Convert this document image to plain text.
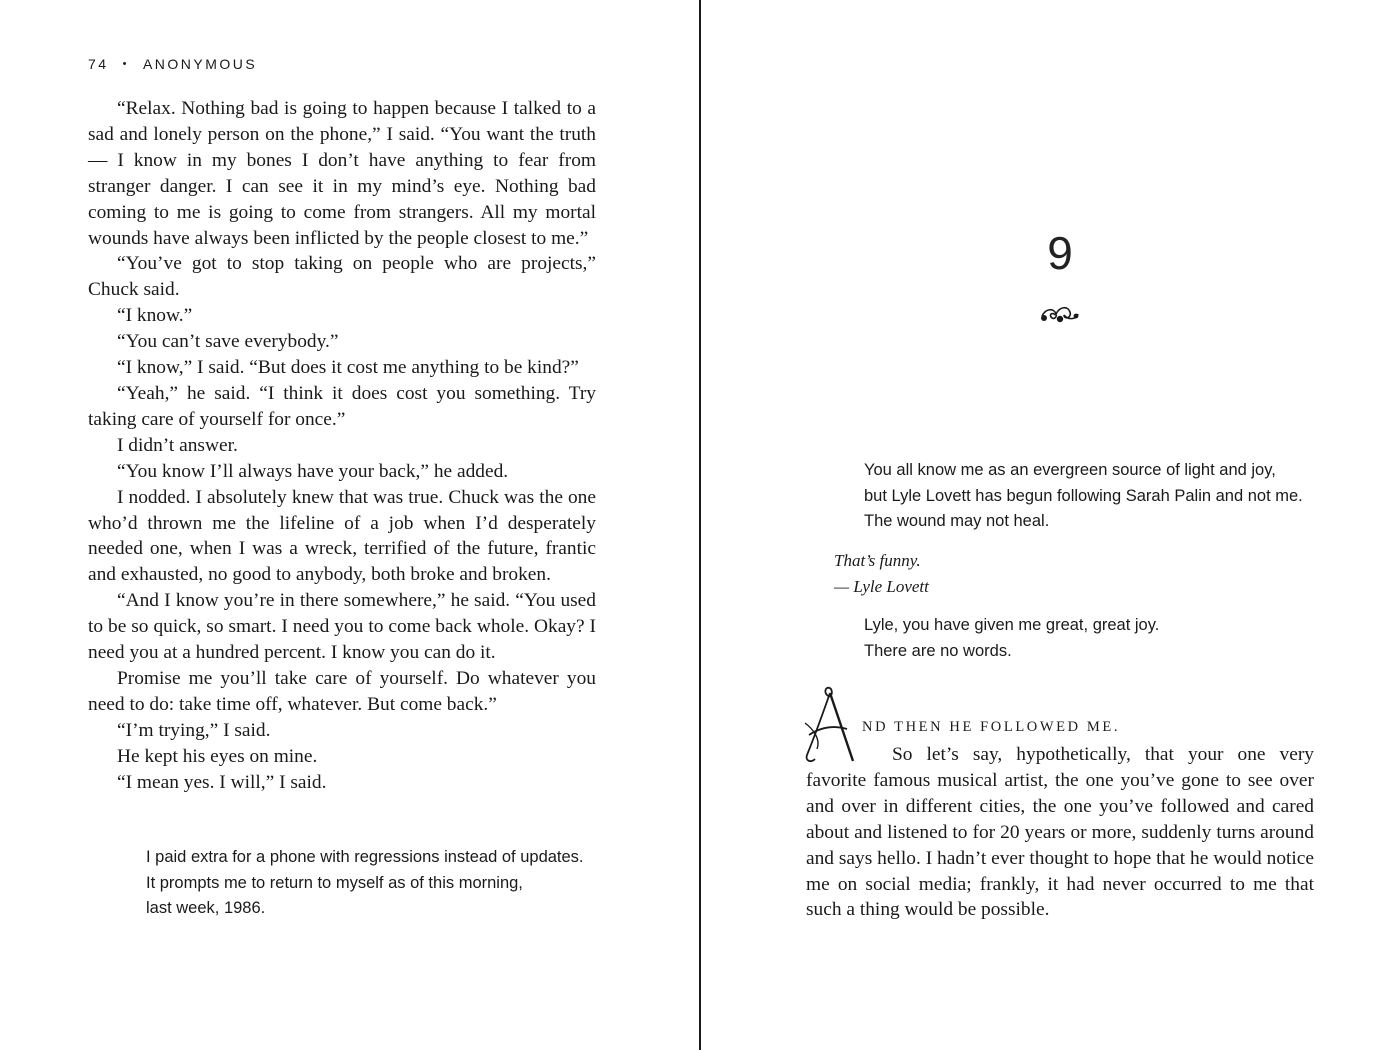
74 • ANONYMOUS

“Relax. Nothing bad is going to happen because I talked to a sad and lonely person on the phone,” I said. “You want the truth — I know in my bones I don’t have anything to fear from stranger danger. I can see it in my mind’s eye. Nothing bad coming to me is going to come from strangers. All my mortal wounds have always been inflicted by the people closest to me.”

“You’ve got to stop taking on people who are projects,” Chuck said.

“I know.”

“You can’t save everybody.”

“I know,” I said. “But does it cost me anything to be kind?”

“Yeah,” he said. “I think it does cost you something. Try taking care of yourself for once.”

I didn’t answer.

“You know I’ll always have your back,” he added.

I nodded. I absolutely knew that was true. Chuck was the one who’d thrown me the lifeline of a job when I’d desperately needed one, when I was a wreck, terrified of the future, frantic and exhausted, no good to anybody, both broke and broken.

“And I know you’re in there somewhere,” he said. “You used to be so quick, so smart. I need you to come back whole. Okay? I need you at a hundred percent. I know you can do it.

Promise me you’ll take care of yourself. Do whatever you need to do: take time off, whatever. But come back.”

“I’m trying,” I said.

He kept his eyes on mine.

“I mean yes. I will,” I said.

I paid extra for a phone with regressions instead of updates.
It prompts me to return to myself as of this morning,
last week, 1986.
9
You all know me as an evergreen source of light and joy,
but Lyle Lovett has begun following Sarah Palin and not me.
The wound may not heal.
That’s funny.
— Lyle Lovett
Lyle, you have given me great, great joy.
There are no words.
ND THEN HE FOLLOWED ME.

So let’s say, hypothetically, that your one very favorite famous musical artist, the one you’ve gone to see over and over in different cities, the one you’ve followed and cared about and listened to for 20 years or more, suddenly turns around and says hello. I hadn’t ever thought to hope that he would notice me on social media; frankly, it had never occurred to me that such a thing would be possible.
